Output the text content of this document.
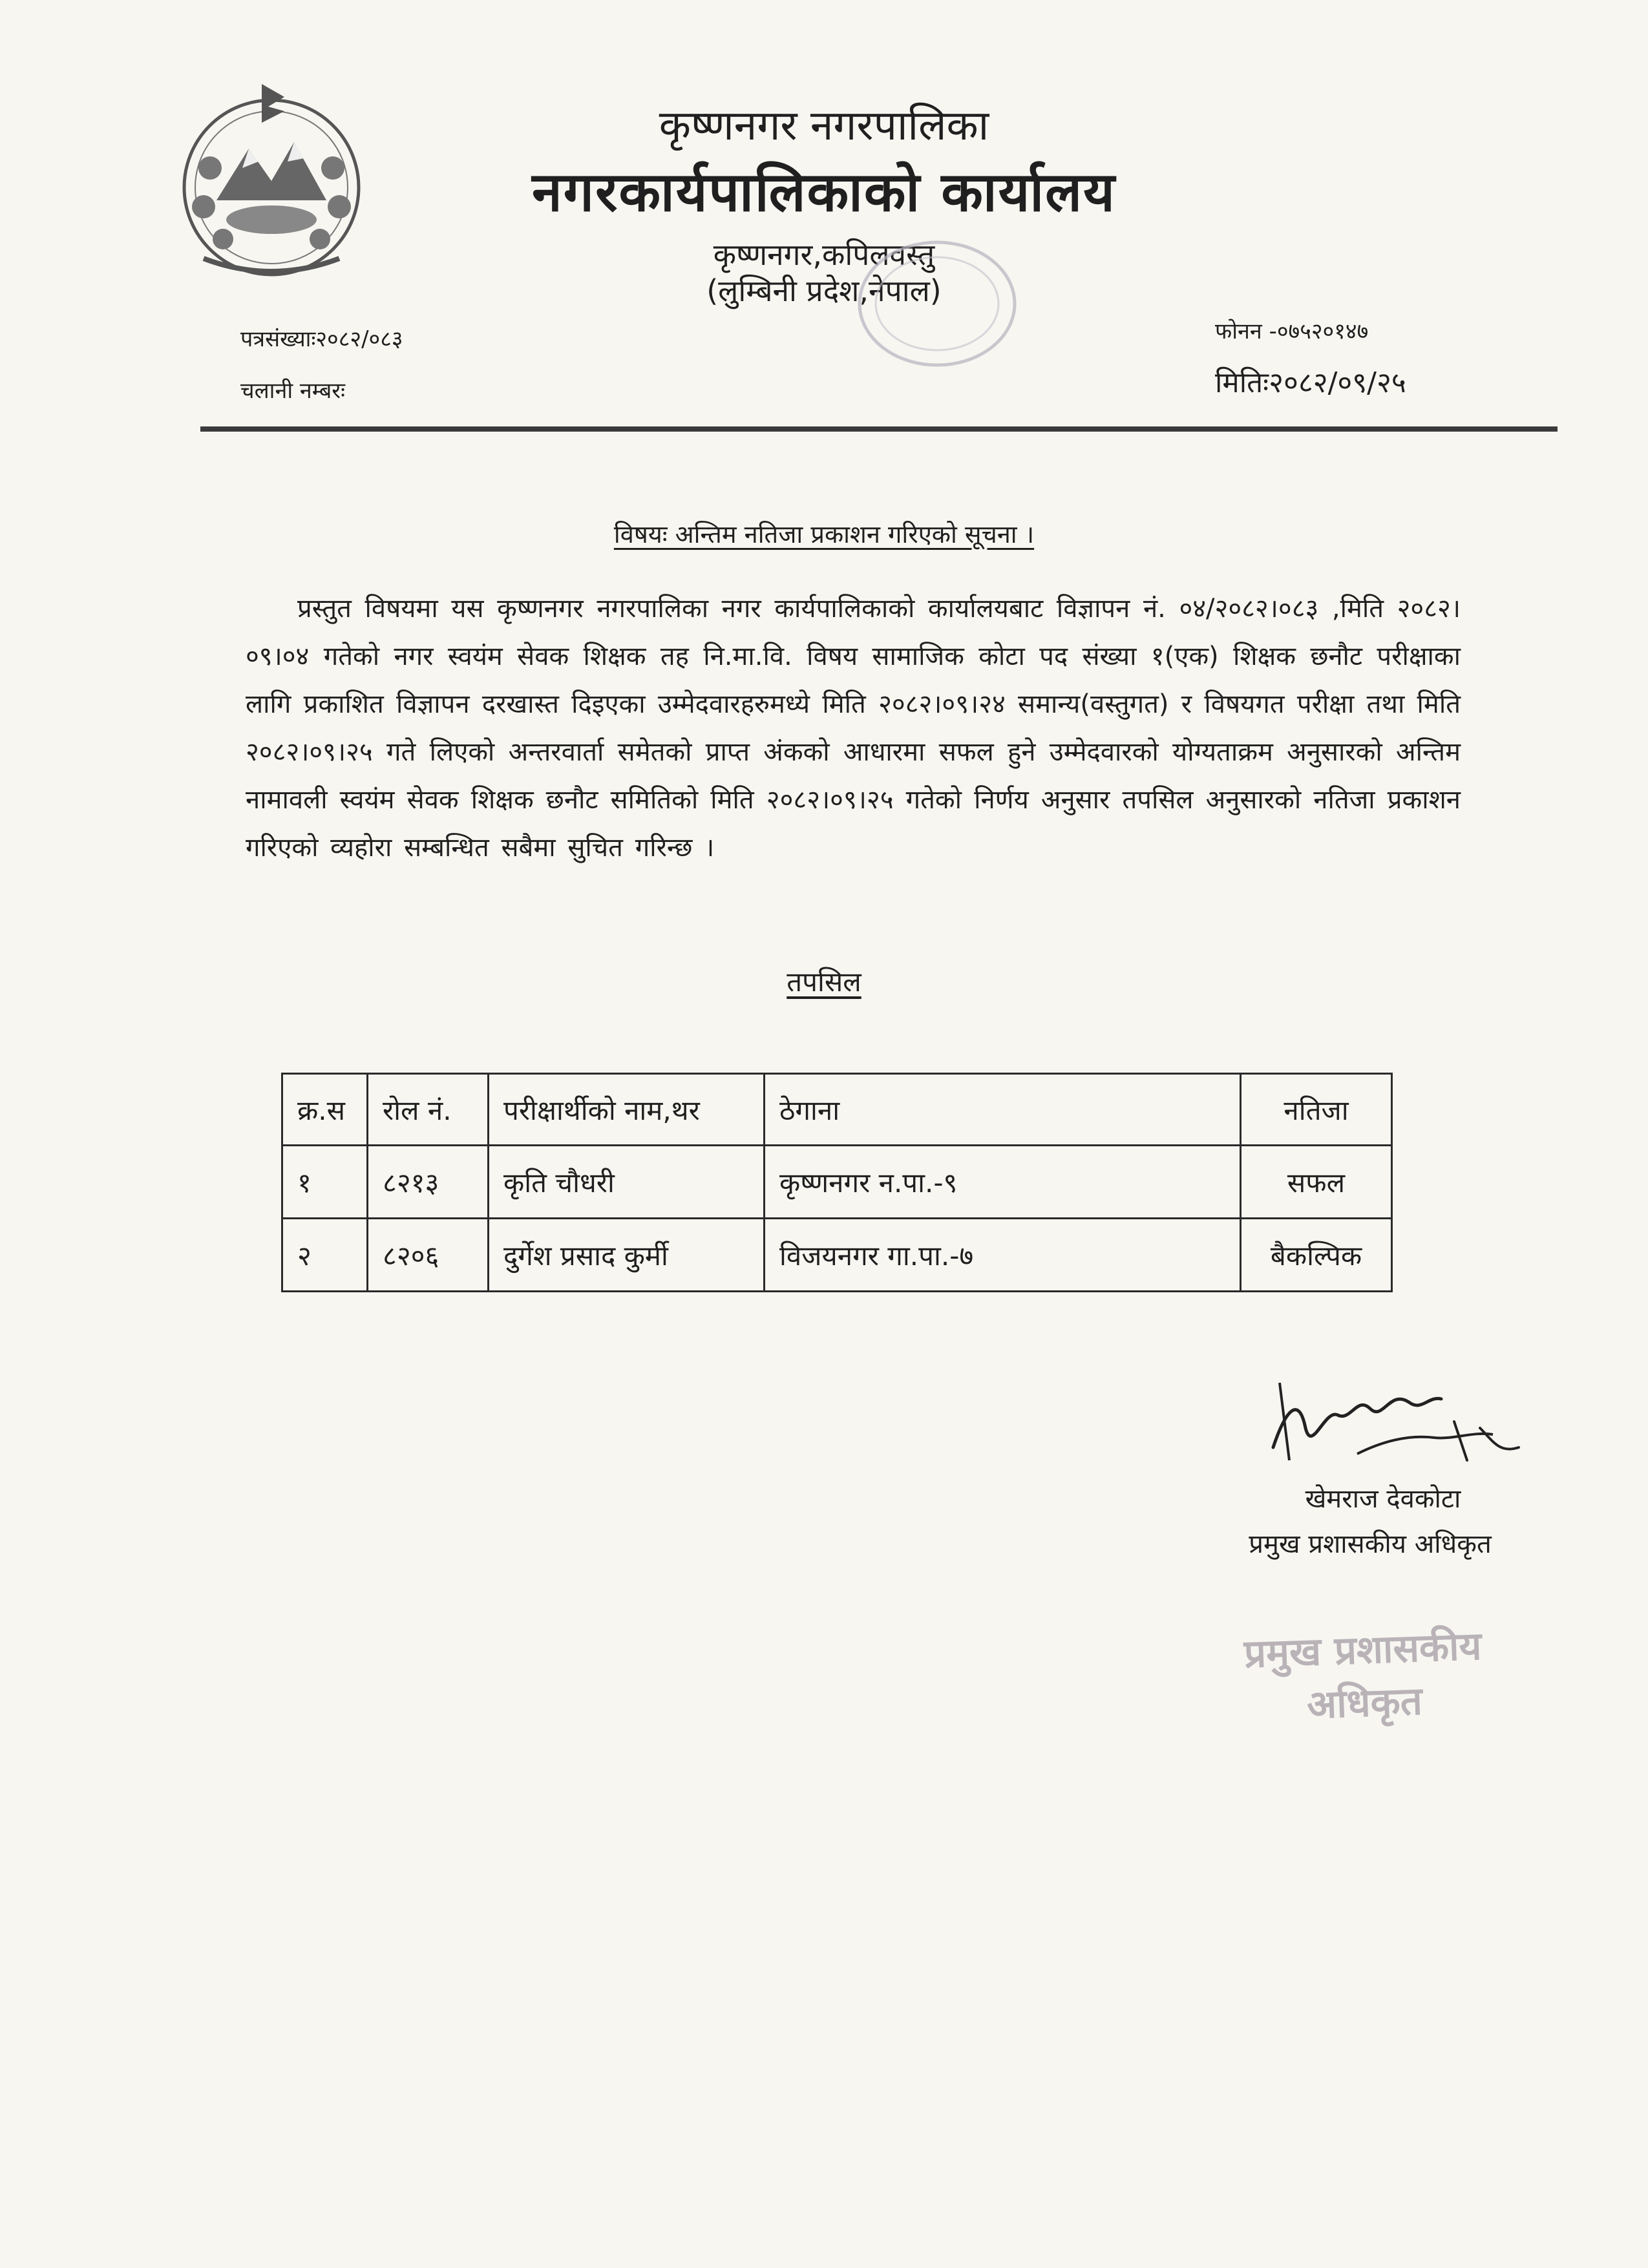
कृष्णनगर नगरपालिका
नगरकार्यपालिकाको कार्यालय
कृष्णनगर,कपिलवस्तु
(लुम्बिनी प्रदेश,नेपाल)
पत्रसंख्याः२०८२/०८३
चलानी नम्बरः
फोनन -०७५२०१४७
मितिः२०८२/०९/२५
विषयः अन्तिम नतिजा प्रकाशन गरिएको सूचना ।
प्रस्तुत विषयमा यस कृष्णनगर नगरपालिका नगर कार्यपालिकाको कार्यालयबाट विज्ञापन नं. ०४/२०८२।०८३ ,मिति २०८२।०९।०४ गतेको नगर स्वयंम सेवक शिक्षक तह नि.मा.वि. विषय सामाजिक कोटा पद संख्या १(एक) शिक्षक छनौट परीक्षाका लागि प्रकाशित विज्ञापन दरखास्त दिइएका उम्मेदवारहरुमध्ये मिति २०८२।०९।२४ समान्य(वस्तुगत) र विषयगत परीक्षा तथा मिति २०८२।०९।२५ गते लिएको अन्तरवार्ता समेतको प्राप्त अंकको आधारमा सफल हुने उम्मेदवारको योग्यताक्रम अनुसारको अन्तिम नामावली स्वयंम सेवक शिक्षक छनौट समितिको मिति २०८२।०९।२५ गतेको निर्णय अनुसार तपसिल अनुसारको नतिजा प्रकाशन गरिएको व्यहोरा सम्बन्धित सबैमा सुचित गरिन्छ ।
तपसिल
क्र.स	रोल नं.	परीक्षार्थीको नाम,थर	ठेगाना	नतिजा
१	८२१३	कृति चौधरी	कृष्णनगर न.पा.-९	सफल
२	८२०६	दुर्गेश प्रसाद कुर्मी	विजयनगर गा.पा.-७	बैकल्पिक
खेमराज देवकोटा
प्रमुख प्रशासकीय अधिकृत
प्रमुख प्रशासकीय अधिकृत
